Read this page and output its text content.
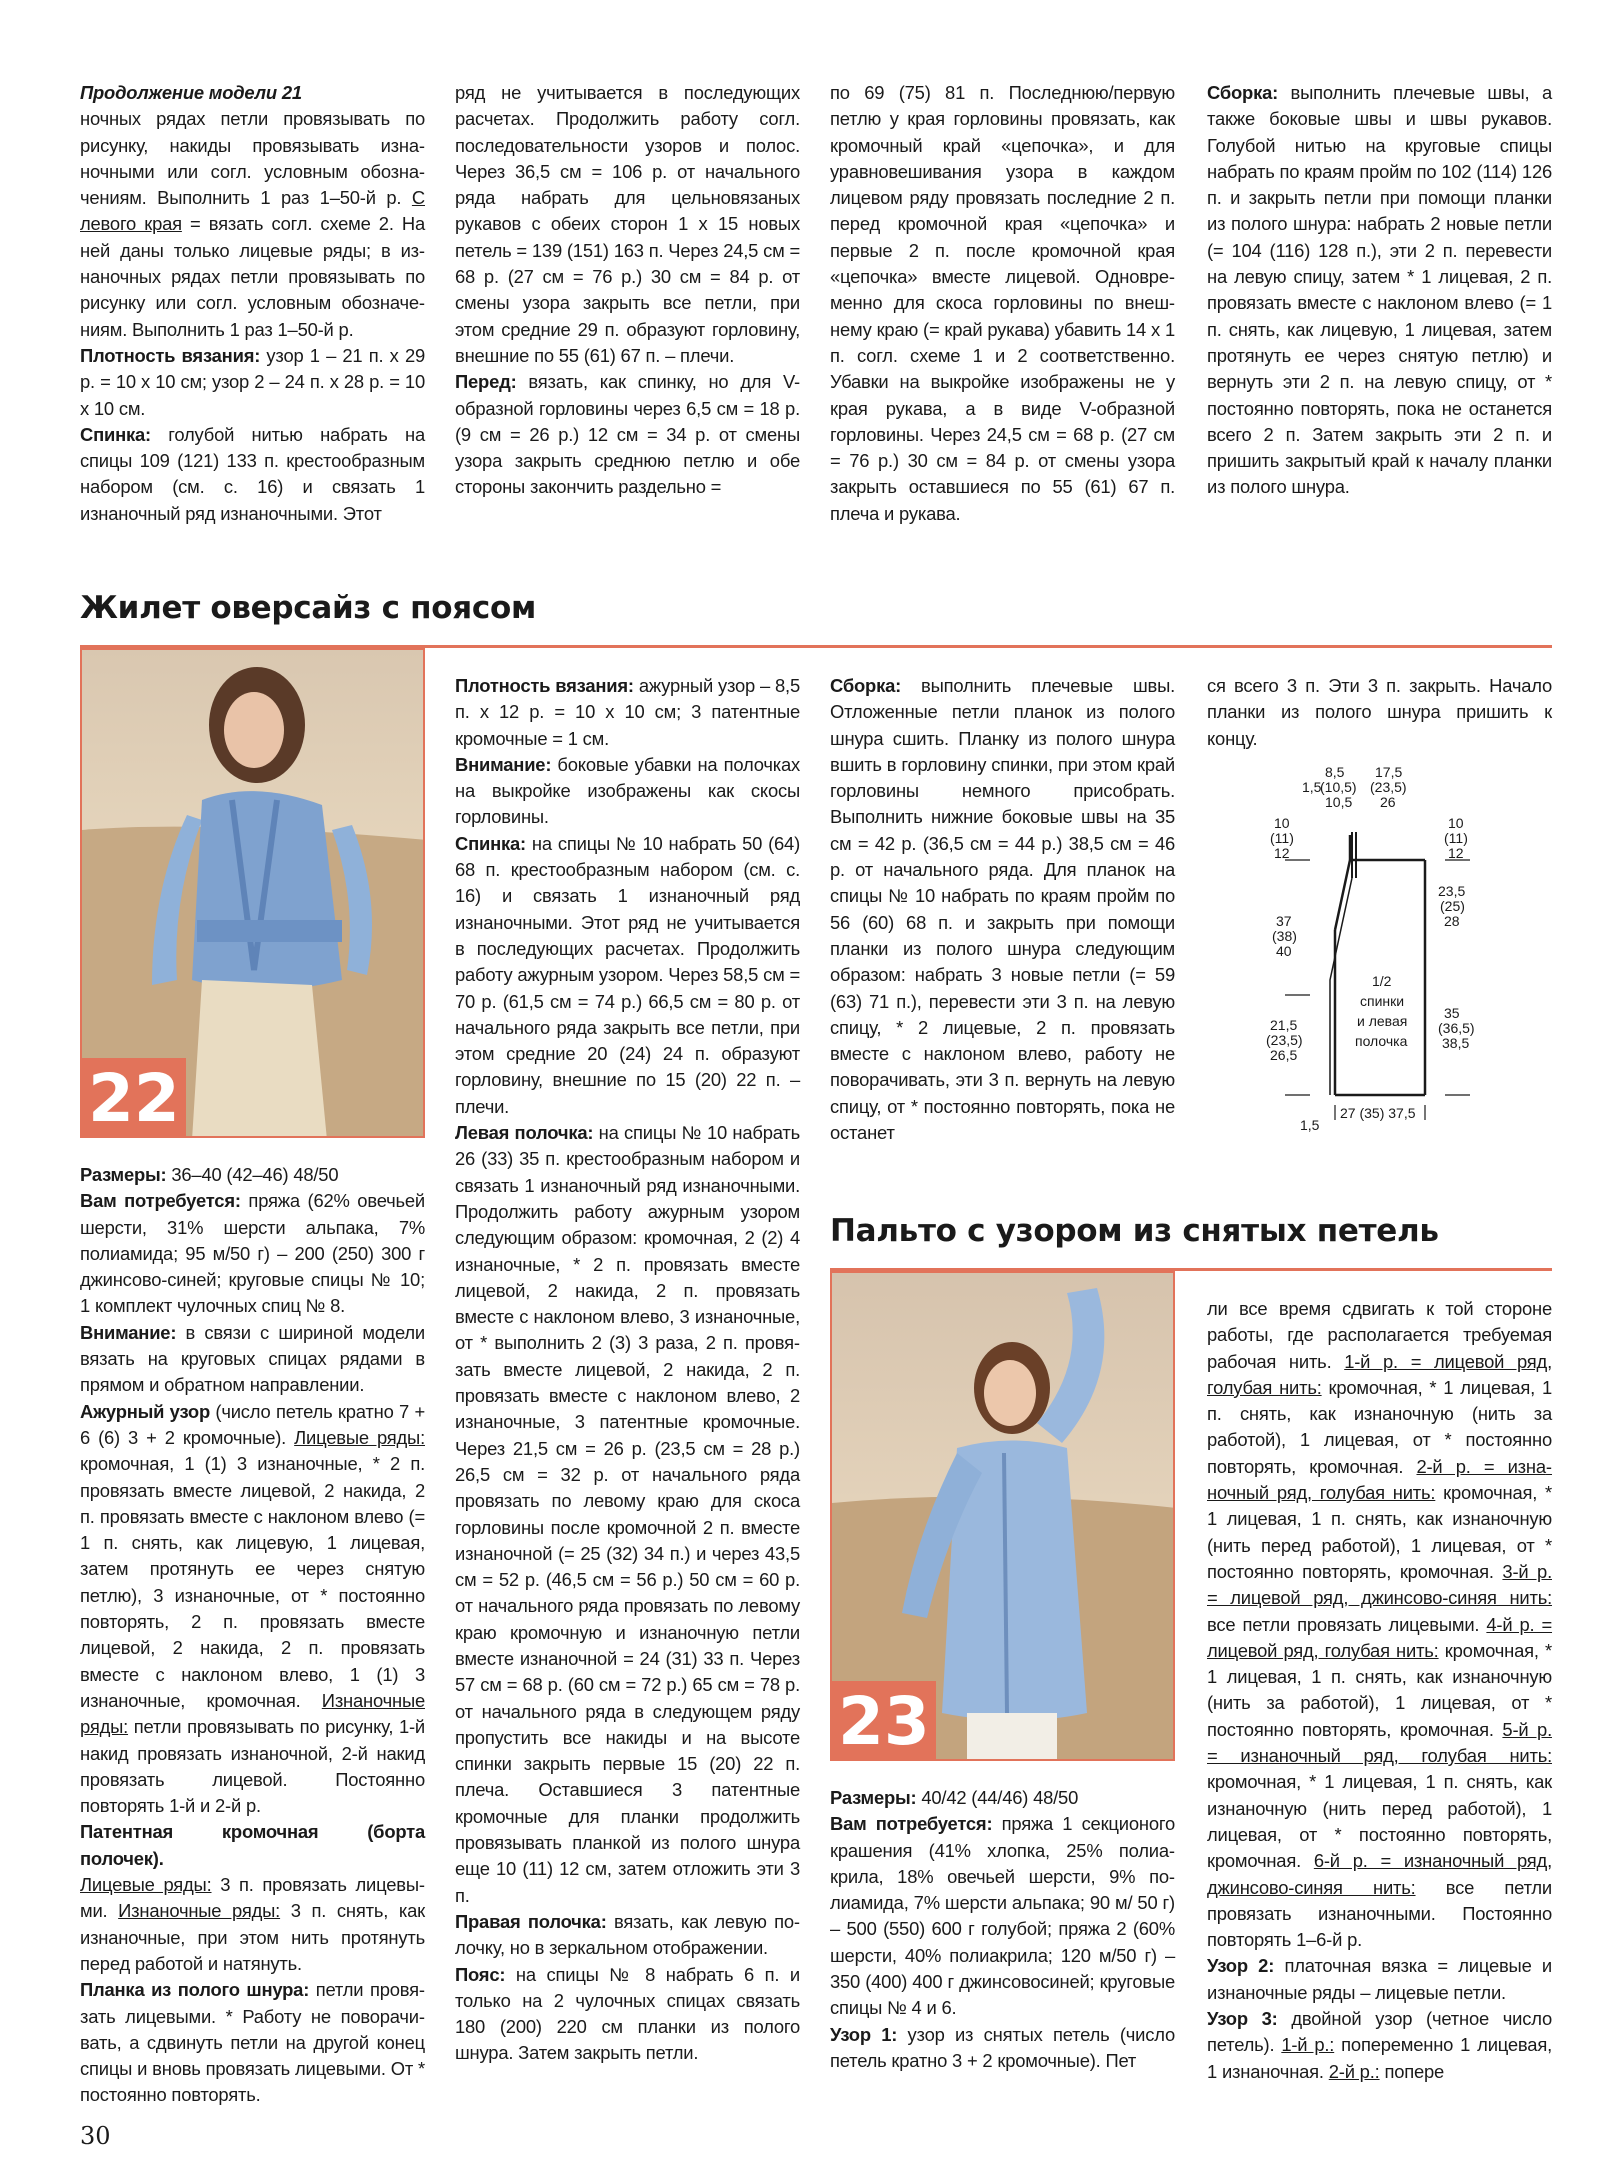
Продолжение модели 21

ночных рядах петли провязывать по рисунку, накиды провязывать изнаночными или согл. условным обозначениям. Выполнить 1 раз 1–50-й р. С левого края = вязать согл. схеме 2. На ней даны только лицевые ряды; в изнаночных рядах петли провязывать по рисунку или согл. условным обозначениям. Выполнить 1 раз 1–50-й р.

Плотность вязания: узор 1 – 21 п. х 29 р. = 10 х 10 см; узор 2 – 24 п. х 28 р. = 10 х 10 см.

Спинка: голубой нитью набрать на спицы 109 (121) 133 п. крестообразным набором (см. с. 16) и связать 1 изнаночный ряд изнаночными. Этот

ряд не учитывается в последующих расчетах. Продолжить работу согл. последовательности узоров и полос. Через 36,5 см = 106 р. от начального ряда набрать для цельновязаных рукавов с обеих сторон 1 х 15 новых петель = 139 (151) 163 п. Через 24,5 см = 68 р. (27 см = 76 р.) 30 см = 84 р. от смены узора закрыть все петли, при этом средние 29 п. образуют горловину, внешние по 55 (61) 67 п. – плечи.

Перед: вязать, как спинку, но для V-образной горловины через 6,5 см = 18 р. (9 см = 26 р.) 12 см = 34 р. от смены узора закрыть среднюю петлю и обе стороны закончить раздельно =

по 69 (75) 81 п. Последнюю/первую петлю у края горловины провязать, как кромочный край «цепочка», и для уравновешивания узора в каждом лицевом ряду провязать последние 2 п. перед кромочной края «цепочка» и первые 2 п. после кромочной края «цепочка» вместе лицевой. Одновременно для скоса горловины по внешнему краю (= край рукава) убавить 14 х 1 п. согл. схеме 1 и 2 соответственно. Убавки на выкройке изображены не у края рукава, а в виде V-образной горловины. Через 24,5 см = 68 р. (27 см = 76 р.) 30 см = 84 р. от смены узора закрыть оставшиеся по 55 (61) 67 п. плеча и рукава.

Сборка: выполнить плечевые швы, а также боковые швы и швы рукавов. Голубой нитью на круговые спицы набрать по краям пройм по 102 (114) 126 п. и закрыть петли при помощи планки из полого шнура: набрать 2 новые петли (= 104 (116) 128 п.), эти 2 п. перевести на левую спицу, затем * 1 лицевая, 2 п. провязать вместе с наклоном влево (= 1 п. снять, как лицевую, 1 лицевая, затем протянуть ее через снятую петлю) и вернуть эти 2 п. на левую спицу, от * постоянно повторять, пока не останется всего 2 п. Затем закрыть эти 2 п. и пришить закрытый край к началу планки из полого шнура.

Жилет оверсайз с поясом
22

Размеры: 36–40 (42–46) 48/50

Вам потребуется: пряжа (62% овечьей шерсти, 31% шерсти альпака, 7% полиамида; 95 м/50 г) – 200 (250) 300 г джинсово-синей; круговые спицы № 10; 1 комплект чулочных спиц № 8.

Внимание: в связи с шириной модели вязать на круговых спицах рядами в прямом и обратном направлении.

Ажурный узор (число петель кратно 7 + 6 (6) 3 + 2 кромочные). Лицевые ряды: кромочная, 1 (1) 3 изнаночные, * 2 п. провязать вместе лицевой, 2 накида, 2 п. провязать вместе с наклоном влево (= 1 п. снять, как лицевую, 1 лицевая, затем протянуть ее через снятую петлю), 3 изнаночные, от * постоянно повторять, 2 п. провязать вместе лицевой, 2 накида, 2 п. провязать вместе с наклоном влево, 1 (1) 3 изнаночные, кромочная. Изнаночные ряды: петли провязывать по рисунку, 1-й накид провязать изнаночной, 2-й накид провязать лицевой. Постоянно повторять 1-й и 2-й р.

Патентная кромочная (борта полочек).
Лицевые ряды: 3 п. провязать лицевыми. Изнаночные ряды: 3 п. снять, как изнаночные, при этом нить протянуть перед работой и натянуть.

Планка из полого шнура: петли провязать лицевыми. * Работу не поворачивать, а сдвинуть петли на другой конец спицы и вновь провязать лицевыми. От * постоянно повторять.

Плотность вязания: ажурный узор – 8,5 п. х 12 р. = 10 х 10 см; 3 патентные кромочные = 1 см.

Внимание: боковые убавки на полочках на выкройке изображены как скосы горловины.

Спинка: на спицы № 10 набрать 50 (64) 68 п. крестообразным набором (см. с. 16) и связать 1 изнаночный ряд изнаночными. Этот ряд не учитывается в последующих расчетах. Продолжить работу ажурным узором. Через 58,5 см = 70 р. (61,5 см = 74 р.) 66,5 см = 80 р. от начального ряда закрыть все петли, при этом средние 20 (24) 24 п. образуют горловину, внешние по 15 (20) 22 п. – плечи.

Левая полочка: на спицы № 10 набрать 26 (33) 35 п. крестообразным набором и связать 1 изнаночный ряд изнаночными. Продолжить работу ажурным узором следующим образом: кромочная, 2 (2) 4 изнаночные, * 2 п. провязать вместе лицевой, 2 накида, 2 п. провязать вместе с наклоном влево, 3 изнаночные, от * выполнить 2 (3) 3 раза, 2 п. провязать вместе лицевой, 2 накида, 2 п. провязать вместе с наклоном влево, 2 изнаночные, 3 патентные кромочные. Через 21,5 см = 26 р. (23,5 см = 28 р.) 26,5 см = 32 р. от начального ряда провязать по левому краю для скоса горловины после кромочной 2 п. вместе изнаночной (= 25 (32) 34 п.) и через 43,5 см = 52 р. (46,5 см = 56 р.) 50 см = 60 р. от начального ряда провязать по левому краю кромочную и изнаночную петли вместе изнаночной = 24 (31) 33 п. Через 57 см = 68 р. (60 см = 72 р.) 65 см = 78 р. от начального ряда в следующем ряду пропустить все накиды и на высоте спинки закрыть первые 15 (20) 22 п. плеча. Оставшиеся 3 патентные кромочные для планки продолжить провязывать планкой из полого шнура еще 10 (11) 12 см, затем отложить эти 3 п.

Правая полочка: вязать, как левую полочку, но в зеркальном отображении.

Пояс: на спицы № 8 набрать 6 п. и только на 2 чулочных спицах связать 180 (200) 220 см планки из полого шнура. Затем закрыть петли.

Сборка: выполнить плечевые швы. Отложенные петли планок из полого шнура сшить. Планку из полого шнура вшить в горловину спинки, при этом край горловины немного присобрать. Выполнить нижние боковые швы на 35 см = 42 р. (36,5 см = 44 р.) 38,5 см = 46 р. от начального ряда. Для планок на спицы № 10 набрать по краям пройм по 56 (60) 68 п. и закрыть при помощи планки из полого шнура следующим образом: набрать 3 новые петли (= 59 (63) 71 п.), перевести эти 3 п. на левую спицу, * 2 лицевые, 2 п. провязать вместе с наклоном влево, работу не поворачивать, эти 3 п. вернуть на левую спицу, от * постоянно повторять, пока не останет

ся всего 3 п. Эти 3 п. закрыть. Начало планки из полого шнура пришить к концу.

8,5
1,5
(10,5)
10,5
17,5
(23,5)
26
10
(11)
12
10
(11)
12
23,5
(25)
28
37
(38)
40
21,5
(23,5)
26,5
35
(36,5)
38,5
1/2
спинки
и левая
полочка
1,5
27 (35) 37,5
Пальто с узором из снятых петель
23

Размеры: 40/42 (44/46) 48/50

Вам потребуется: пряжа 1 секционого крашения (41% хлопка, 25% полиакрила, 18% овечьей шерсти, 9% полиамида, 7% шерсти альпака; 90 м/ 50 г) – 500 (550) 600 г голубой; пряжа 2 (60% шерсти, 40% полиакрила; 120 м/50 г) – 350 (400) 400 г джинсовосиней; круговые спицы № 4 и 6.

Узор 1: узор из снятых петель (число петель кратно 3 + 2 кромочные). Пет

ли все время сдвигать к той стороне работы, где располагается требуемая рабочая нить. 1-й р. = лицевой ряд, голубая нить: кромочная, * 1 лицевая, 1 п. снять, как изнаночную (нить за работой), 1 лицевая, от * постоянно повторять, кромочная. 2-й р. = изнаночный ряд, голубая нить: кромочная, * 1 лицевая, 1 п. снять, как изнаночную (нить перед работой), 1 лицевая, от * постоянно повторять, кромочная. 3-й р. = лицевой ряд, джинсово-синяя нить: все петли провязать лицевыми. 4-й р. = лицевой ряд, голубая нить: кромочная, * 1 лицевая, 1 п. снять, как изнаночную (нить за работой), 1 лицевая, от * постоянно повторять, кромочная. 5-й р. = изнаночный ряд, голубая нить: кромочная, * 1 лицевая, 1 п. снять, как изнаночную (нить перед работой), 1 лицевая, от * постоянно повторять, кромочная. 6-й р. = изнаночный ряд, джинсово-синяя нить: все петли провязать изнаночными. Постоянно повторять 1–6-й р.

Узор 2: платочная вязка = лицевые и изнаночные ряды – лицевые петли.

Узор 3: двойной узор (четное число петель). 1-й р.: попеременно 1 лицевая, 1 изнаночная. 2-й р.: попере

30
